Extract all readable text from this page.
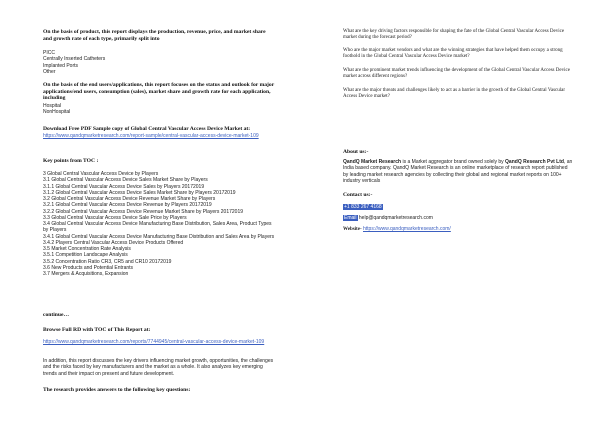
On the basis of product, this report displays the production, revenue, price, and market share and growth rate of each type, primarily split into
PICC
Centrally Inserted Catheters
Implanted Ports
Other
On the basis of the end users/applications, this report focuses on the status and outlook for major applications/end users, consumption (sales), market share and growth rate for each application, including
Hospital
NonHospital
Download Free PDF Sample copy of Global Central Vascular Access Device Market at:
https://www.qandqmarketresearch.com/report-sample/central-vascular-access-device-market-109
Key points from TOC :
3 Global Central Vascular Access Device by Players
3.1 Global Central Vascular Access Device Sales Market Share by Players
3.1.1 Global Central Vascular Access Device Sales by Players 20172019
3.1.2 Global Central Vascular Access Device Sales Market Share by Players 20172019
3.2 Global Central Vascular Access Device Revenue Market Share by Players
3.2.1 Global Central Vascular Access Device Revenue by Players 20172019
3.2.2 Global Central Vascular Access Device Revenue Market Share by Players 20172019
3.3 Global Central Vascular Access Device Sale Price by Players
3.4 Global Central Vascular Access Device Manufacturing Base Distribution, Sales Area, Product Types by Players
3.4.1 Global Central Vascular Access Device Manufacturing Base Distribution and Sales Area by Players
3.4.2 Players Central Vascular Access Device Products Offered
3.5 Market Concentration Rate Analysis
3.5.1 Competition Landscape Analysis
3.5.2 Concentration Ratio CR3, CR5 and CR10 20172019
3.6 New Products and Potential Entrants
3.7 Mergers & Acquisitions, Expansion
continue…
Browse Full RD with TOC of This Report at:
https://www.qandqmarketresearch.com/reports/7744945/central-vascular-access-device-market-109
In addition, this report discusses the key drivers influencing market growth, opportunities, the challenges and the risks faced by key manufacturers and the market as a whole. It also analyzes key emerging trends and their impact on present and future development.
The research provides answers to the following key questions:
What are the key driving factors responsible for shaping the fate of the Global Central Vascular Access Device market during the forecast period?
Who are the major market vendors and what are the winning strategies that have helped them occupy a strong foothold in the Global Central Vascular Access Device market?
What are the prominent market trends influencing the development of the Global Central Vascular Access Device market across different regions?
What are the major threats and challenges likely to act as a barrier in the growth of the Global Central Vascular Access Device market?
About us:-
QandQ Market Research is a Market aggregator brand owned solely by QandQ Research Pvt Ltd, an India based company. QandQ Market Research is an online marketplace of research report published by leading market research agencies by collecting their global and regional market reports on 100+ industry verticals
Contact us:-
+1 833 267 4168
Email help@qandqmarketresearch.com
Website- https://www.qandqmarketresearch.com/
